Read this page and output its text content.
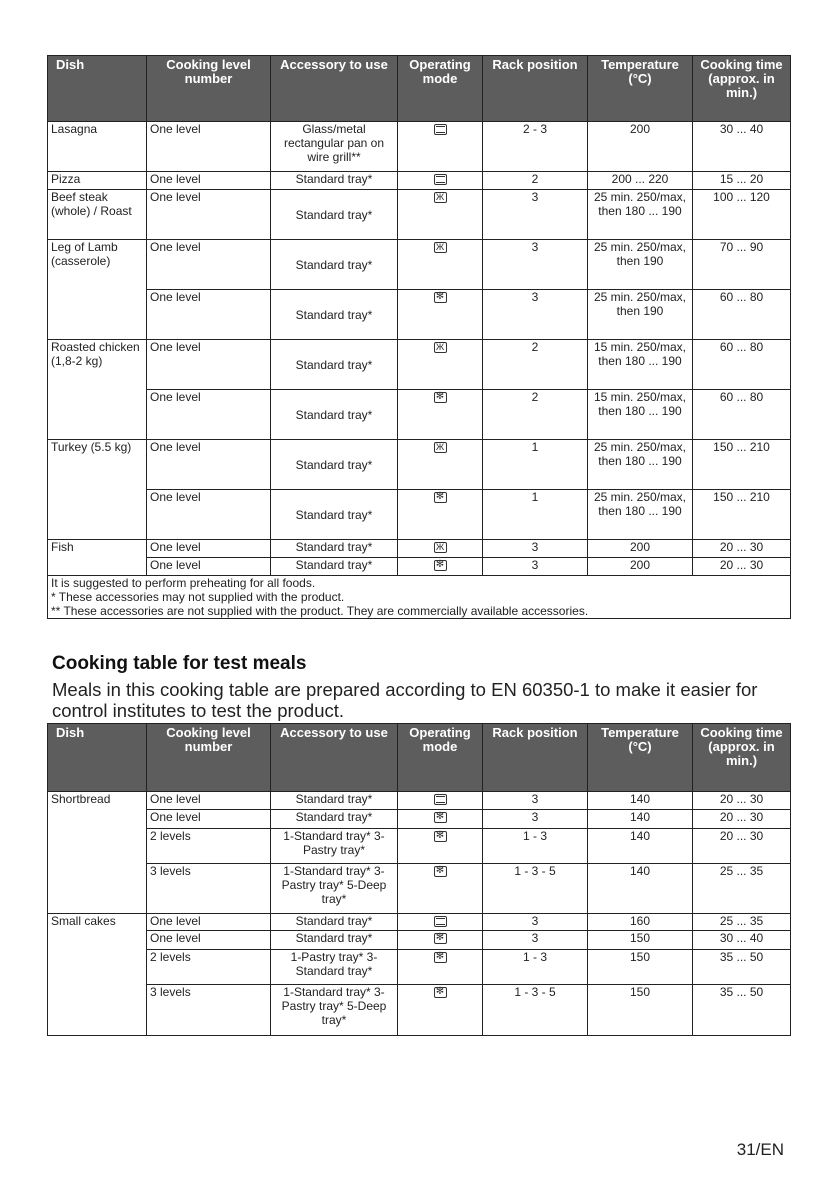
Dish	Cooking level number	Accessory to use	Operating mode	Rack position	Temperature (°C)	Cooking time (approx. in min.)
Lasagna	One level	Glass/metal rectangular pan on wire grill**		2 - 3	200	30 ... 40
Pizza	One level	Standard tray*		2	200 ... 220	15 ... 20
Beef steak (whole) / Roast	One level	Standard tray*	Ж	3	25 min. 250/max, then 180 ... 190	100 ... 120
Leg of Lamb (casserole)	One level	Standard tray*	Ж	3	25 min. 250/max, then 190	70 ... 90
	One level	Standard tray*	✻	3	25 min. 250/max, then 190	60 ... 80
Roasted chicken (1,8-2 kg)	One level	Standard tray*	Ж	2	15 min. 250/max, then 180 ... 190	60 ... 80
	One level	Standard tray*	✻	2	15 min. 250/max, then 180 ... 190	60 ... 80
Turkey (5.5 kg)	One level	Standard tray*	Ж	1	25 min. 250/max, then 180 ... 190	150 ... 210
	One level	Standard tray*	✻	1	25 min. 250/max, then 180 ... 190	150 ... 210
Fish	One level	Standard tray*	Ж	3	200	20 ... 30
	One level	Standard tray*	✻	3	200	20 ... 30

It is suggested to perform preheating for all foods.
* These accessories may not supplied with the product.
** These accessories are not supplied with the product. They are commercially available accessories.						
Cooking table for test meals

Meals in this cooking table are prepared according to EN 60350-1 to make it easier for control institutes to test the product.

Dish	Cooking level number	Accessory to use	Operating mode	Rack position	Temperature (°C)	Cooking time (approx. in min.)
Shortbread	One level	Standard tray*		3	140	20 ... 30
	One level	Standard tray*	✻	3	140	20 ... 30
	2 levels	1-Standard tray* 3-Pastry tray*	✻	1 - 3	140	20 ... 30
	3 levels	1-Standard tray* 3-Pastry tray* 5-Deep tray*	✻	1 - 3 - 5	140	25 ... 35
Small cakes	One level	Standard tray*		3	160	25 ... 35
	One level	Standard tray*	✻	3	150	30 ... 40
	2 levels	1-Pastry tray* 3-Standard tray*	✻	1 - 3	150	35 ... 50
	3 levels	1-Standard tray* 3-Pastry tray* 5-Deep tray*	✻	1 - 3 - 5	150	35 ... 50
31/EN
